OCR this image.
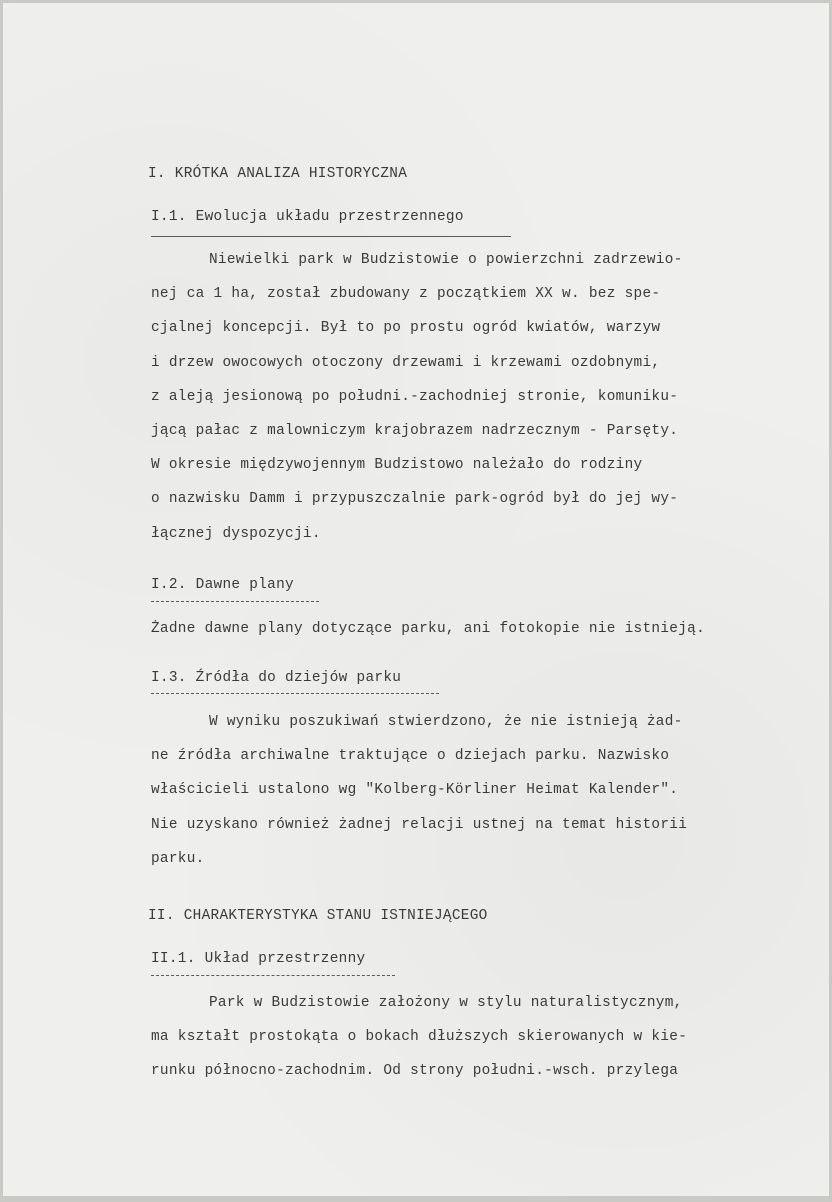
I. KRÓTKA ANALIZA HISTORYCZNA
I.1. Ewolucja układu przestrzennego
Niewielki park w Budzistowie o powierzchni zadrzewio-
nej ca 1 ha, został zbudowany z początkiem XX w. bez spe-
cjalnej koncepcji. Był to po prostu ogród kwiatów, warzyw
i drzew owocowych otoczony drzewami i krzewami ozdobnymi,
z aleją jesionową po południ.-zachodniej stronie, komuniku-
jącą pałac z malowniczym krajobrazem nadrzecznym - Parsęty.
W okresie międzywojennym Budzistowo należało do rodziny
o nazwisku Damm i przypuszczalnie park-ogród był do jej wy-
łącznej dyspozycji.
I.2. Dawne plany
Żadne dawne plany dotyczące parku, ani fotokopie nie istnieją.
I.3. Źródła do dziejów parku
W wyniku poszukiwań stwierdzono, że nie istnieją żad-
ne źródła archiwalne traktujące o dziejach parku. Nazwisko
właścicieli ustalono wg "Kolberg-Körliner Heimat Kalender".
Nie uzyskano również żadnej relacji ustnej na temat historii
parku.
II. CHARAKTERYSTYKA STANU ISTNIEJĄCEGO
II.1. Układ przestrzenny
Park w Budzistowie założony w stylu naturalistycznym,
ma kształt prostokąta o bokach dłuższych skierowanych w kie-
runku północno-zachodnim. Od strony południ.-wsch. przylega
